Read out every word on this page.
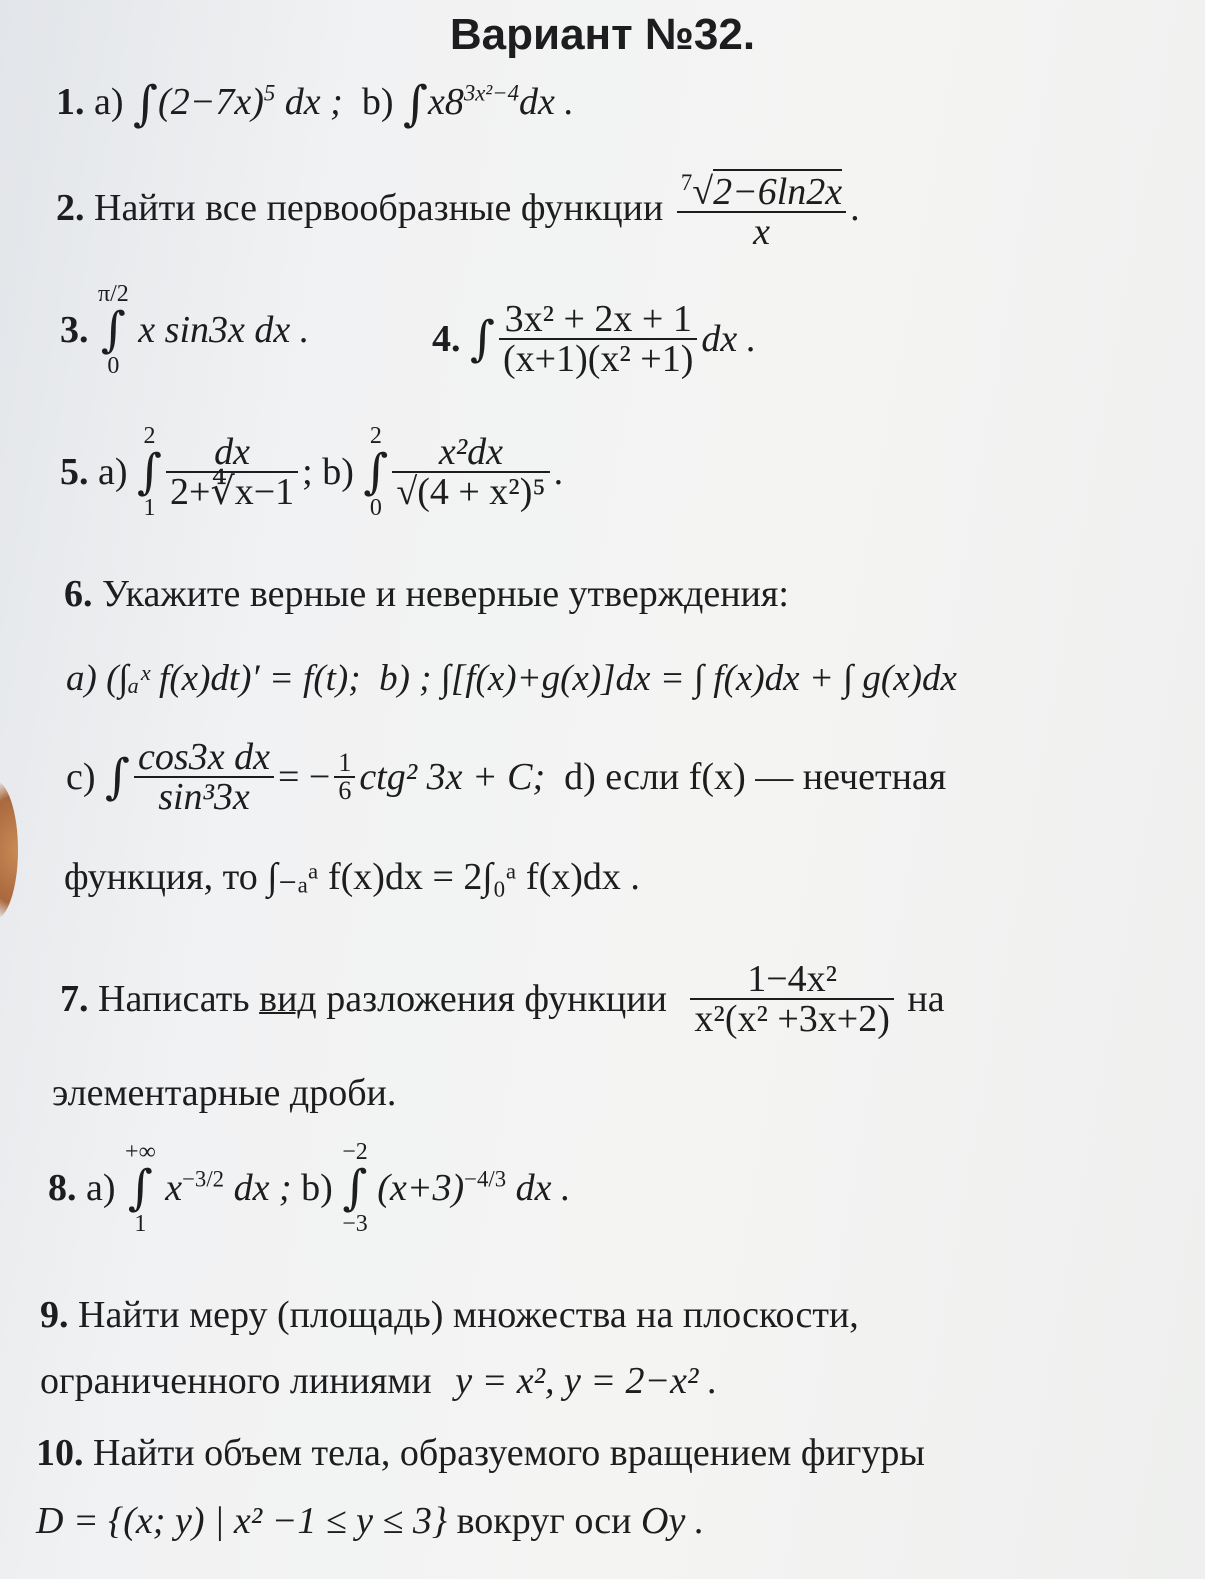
Вариант №32.
1. a) $\int(2-7x)^5$ dx ; b) $\int x8^{3x^2-4}dx$ .
2. Найти все первообразные функции $\frac{^7√2-6\ln 2x}{x}$ .
3.
π/2
∫
0
x sin3x dx .	4. ∫ $\frac{\text{3x² + 2x + 1}}{\text{(x+1)(x² +1)}}$ dx .
5. a)
2
∫
$1 \frac{dx}{2+∜x-1}$ ; b)
2
∫
$0 \frac{\text{x²dx}}{\text{√(4 + x²)⁵}}$ .
6. Укажите верные и неверные утверждения:
a) (∫ₐˣ f(x)dt)′ = f(t); b) ; ∫[f(x)+g(x)]dx = ∫ f(x)dx + ∫ g(x)dx
c) ∫ $\frac{\text{cos3x dx}}{\text{sin³3x}}$ = − $\frac{1}{6} ctg^2$ 3x + C; d) если f(x) — нечетная
функция, то ∫₋ₐᵃ f(x)dx = 2∫₀ᵃ f(x)dx .
7. Написать вид разложения функции $\frac{\text{1−4x²}}{\text{x²(x² +3x+2)}}$ на
элементарные дроби.
8. a)
+∞
∫
1
$x^{-3/2}$ dx ; b)
−2
∫
−3
$(x+3)^{-4/3}$ dx .
9. Найти меру (площадь) множества на плоскости,
ограниченного линиями y = x², y = 2−x² .
10. Найти объем тела, образуемого вращением фигуры
D = {(x; y) | x² −1 ≤ y ≤ 3} вокруг оси Oy .
